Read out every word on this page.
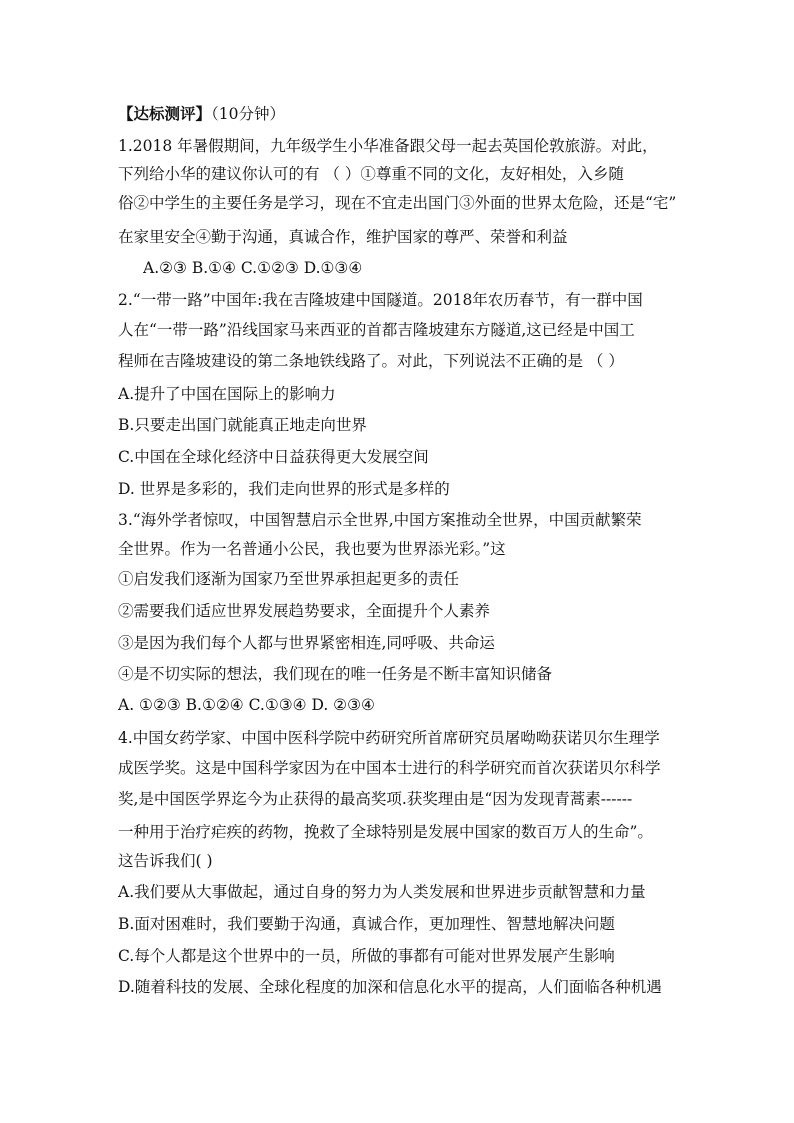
【达标测评】（10分钟）
1.2018 年暑假期间，九年级学生小华准备跟父母一起去英国伦敦旅游。对此，
下列给小华的建议你认可的有 （ ）①尊重不同的文化，友好相处，入乡随
俗②中学生的主要任务是学习，现在不宜走出国门③外面的世界太危险，还是“宅”
在家里安全④勤于沟通，真诚合作，维护国家的尊严、荣誉和利益
A.②③ B.①④ C.①②③ D.①③④
2.“一带一路”中国年:我在吉隆坡建中国隧道。2018年农历春节，有一群中国
人在“一带一路”沿线国家马来西亚的首都吉隆坡建东方隧道,这已经是中国工
程师在吉隆坡建设的第二条地铁线路了。对此，下列说法不正确的是 （ ）
A.提升了中国在国际上的影响力
B.只要走出国门就能真正地走向世界
C.中国在全球化经济中日益获得更大发展空间
D. 世界是多彩的，我们走向世界的形式是多样的
3.“海外学者惊叹，中国智慧启示全世界,中国方案推动全世界，中国贡献繁荣
全世界。作为一名普通小公民，我也要为世界添光彩。”这
①启发我们逐渐为国家乃至世界承担起更多的责任
②需要我们适应世界发展趋势要求，全面提升个人素养
③是因为我们每个人都与世界紧密相连,同呼吸、共命运
④是不切实际的想法，我们现在的唯一任务是不断丰富知识储备
A. ①②③ B.①②④ C.①③④ D. ②③④
4.中国女药学家、中国中医科学院中药研究所首席研究员屠呦呦获诺贝尔生理学
成医学奖。这是中国科学家因为在中国本士进行的科学研究而首次获诺贝尔科学
奖,是中国医学界迄今为止获得的最高奖项.获奖理由是“因为发现青蒿素------
一种用于治疗疟疾的药物，挽救了全球特别是发展中国家的数百万人的生命”。
这告诉我们( )
A.我们要从大事做起，通过自身的努力为人类发展和世界进步贡献智慧和力量
B.面对困难时，我们要勤于沟通，真诚合作，更加理性、智慧地解决问题
C.每个人都是这个世界中的一员，所做的事都有可能对世界发展产生影响
D.随着科技的发展、全球化程度的加深和信息化水平的提高，人们面临各种机遇
